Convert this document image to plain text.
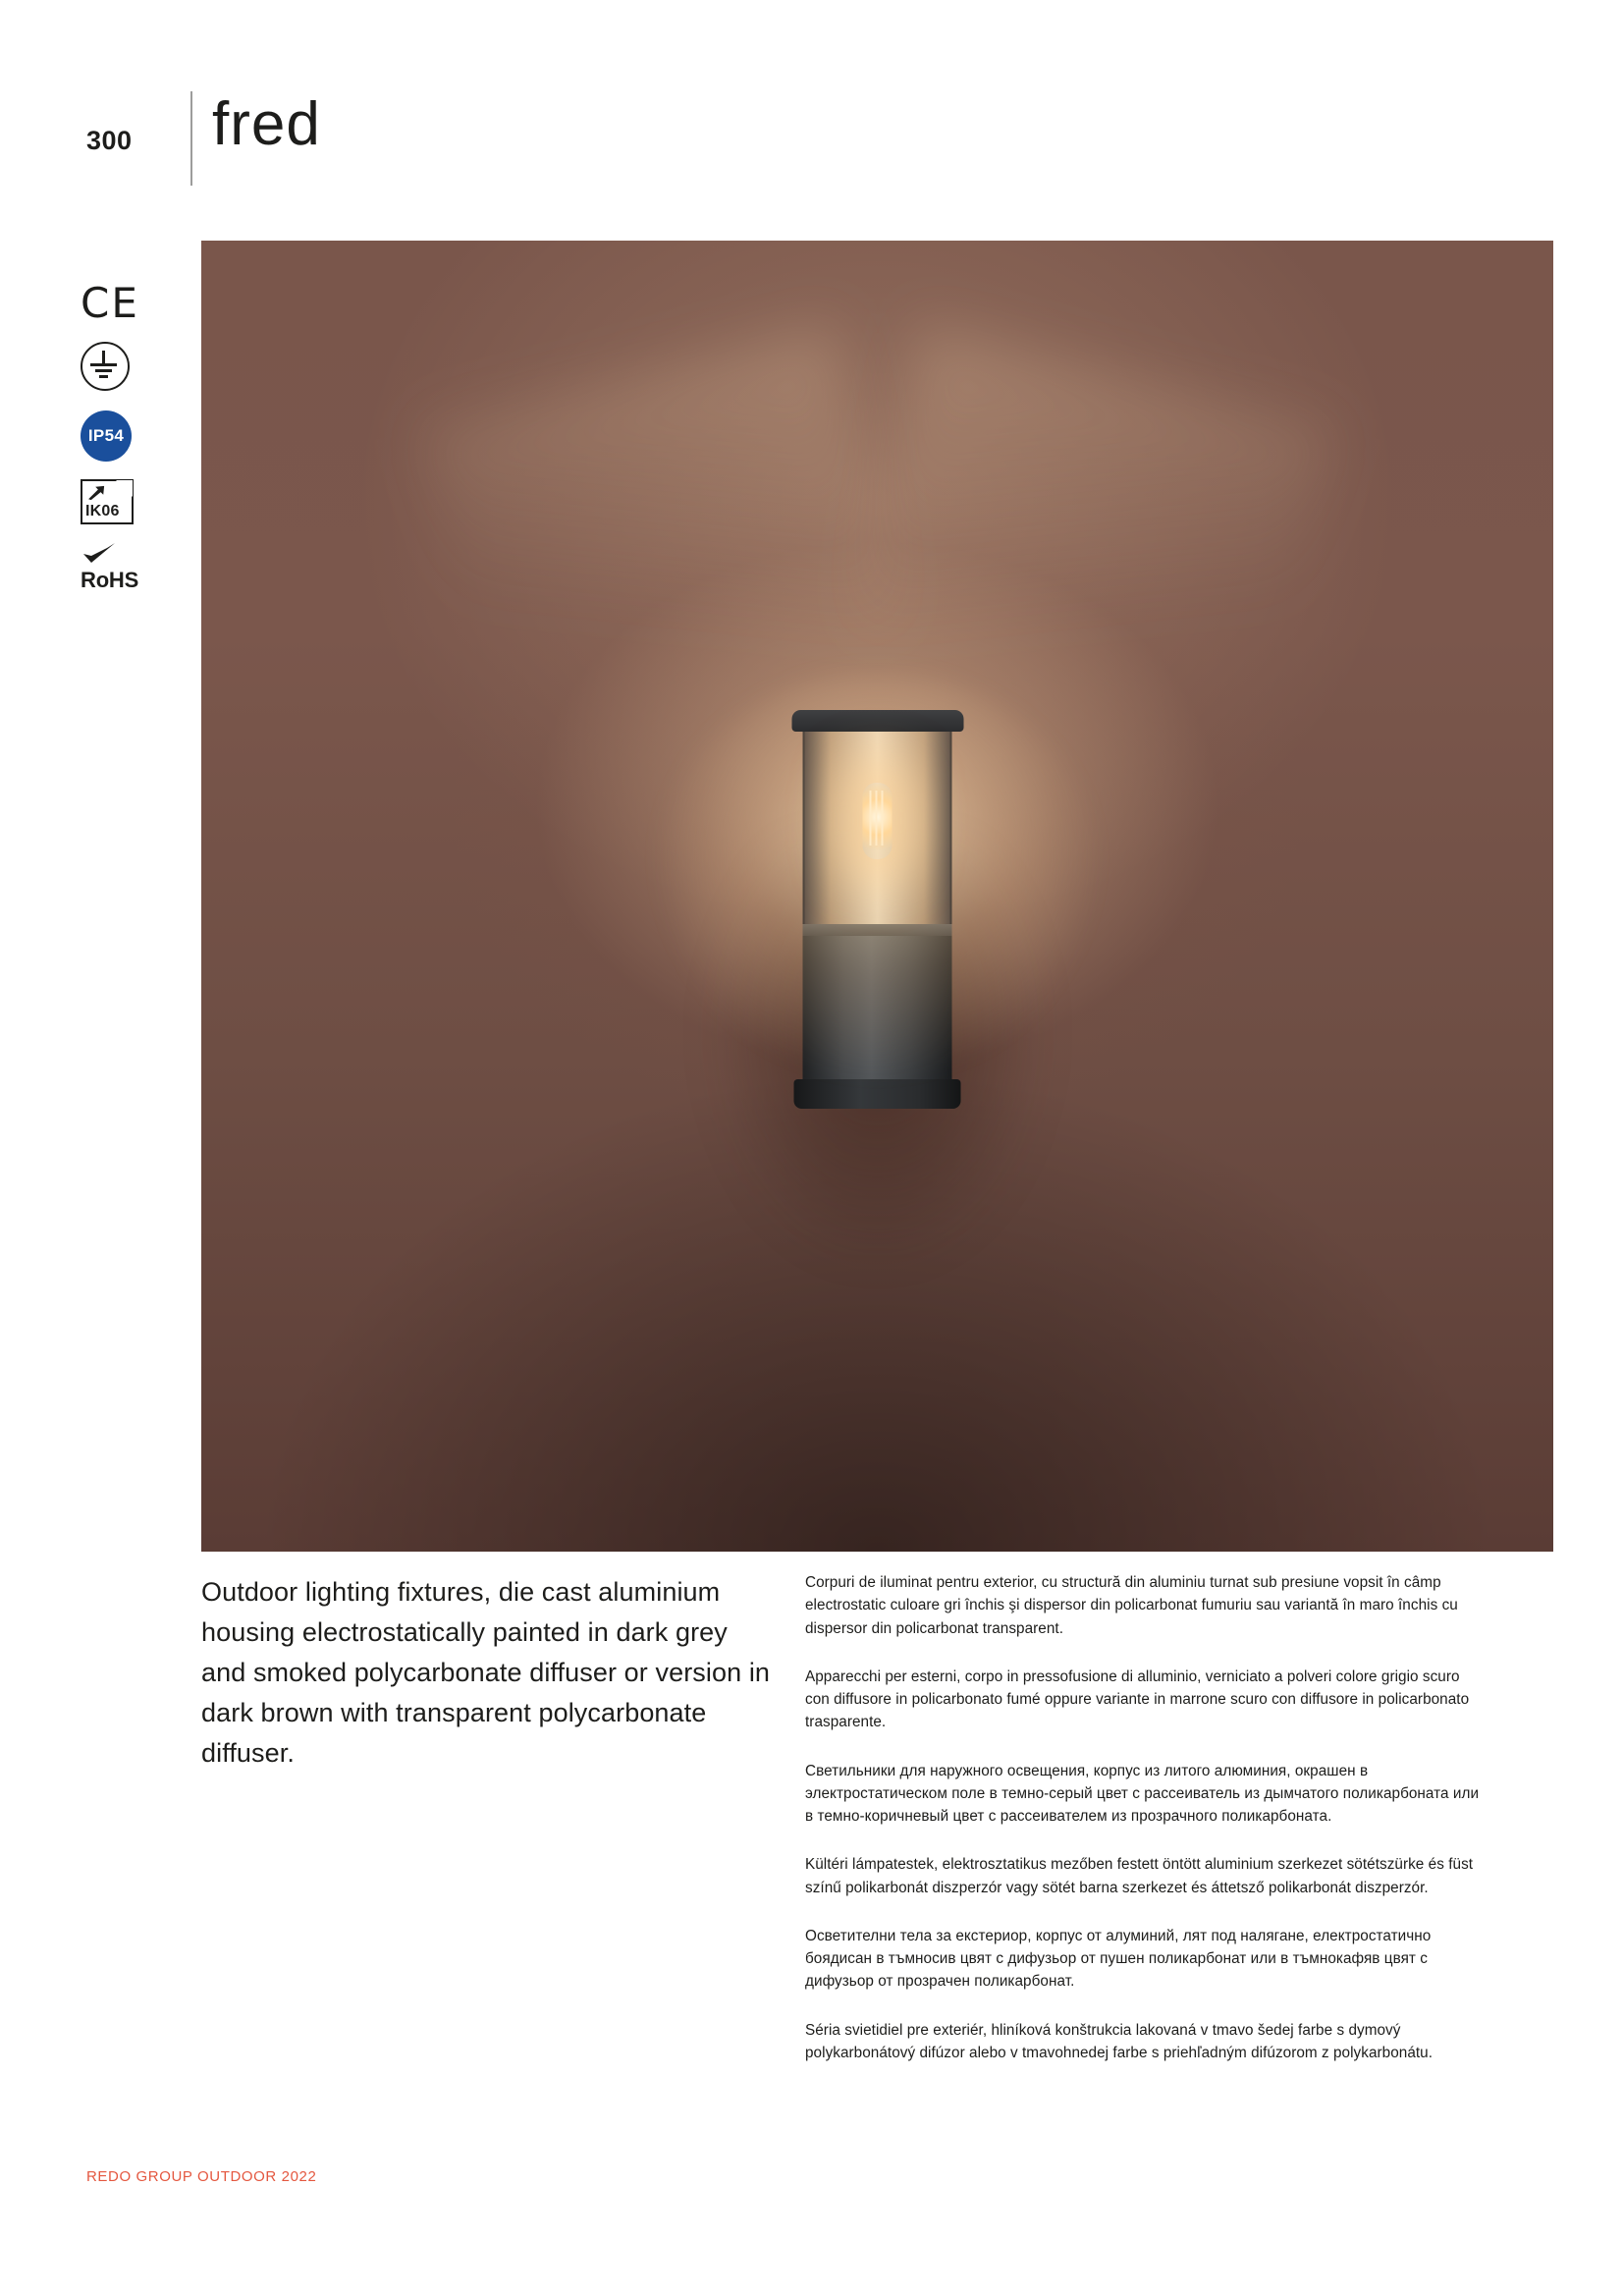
300 fred
CE
IP54
IK06
RoHS
Outdoor lighting fixtures, die cast aluminium housing electrostatically painted in dark grey and smoked polycarbonate diffuser or version in dark brown with transparent polycarbonate diffuser.

Corpuri de iluminat pentru exterior, cu structură din aluminiu turnat sub presiune vopsit în câmp electrostatic culoare gri închis şi dispersor din policarbonat fumuriu sau variantă în maro închis cu dispersor din policarbonat transparent.

Apparecchi per esterni, corpo in pressofusione di alluminio, verniciato a polveri colore grigio scuro con diffusore in policarbonato fumé oppure variante in marrone scuro con diffusore in policarbonato trasparente.

Светильники для наружного освещения, корпус из литого алюминия, окрашен в электростатическом поле в темно-серый цвет с рассеиватель из дымчатого поликарбоната или в темно-коричневый цвет с рассеивателем из прозрачного поликарбоната.

Kültéri lámpatestek, elektrosztatikus mezőben festett öntött aluminium szerkezet sötétszürke és füst színű polikarbonát diszperzór vagy sötét barna szerkezet és áttetsző polikarbonát diszperzór.

Осветителни тела за екстериор, корпус от алуминий, лят под налягане, електростатично боядисан в тъмносив цвят с дифузьор от пушен поликарбонат или в тъмнокафяв цвят с дифузьор от прозрачен поликарбонат.

Séria svietidiel pre exteriér, hliníková konštrukcia lakovaná v tmavo šedej farbe s dymový polykarbonátový difúzor alebo v tmavohnedej farbe s priehľadným difúzorom z polykarbonátu.

REDO GROUP OUTDOOR 2022
